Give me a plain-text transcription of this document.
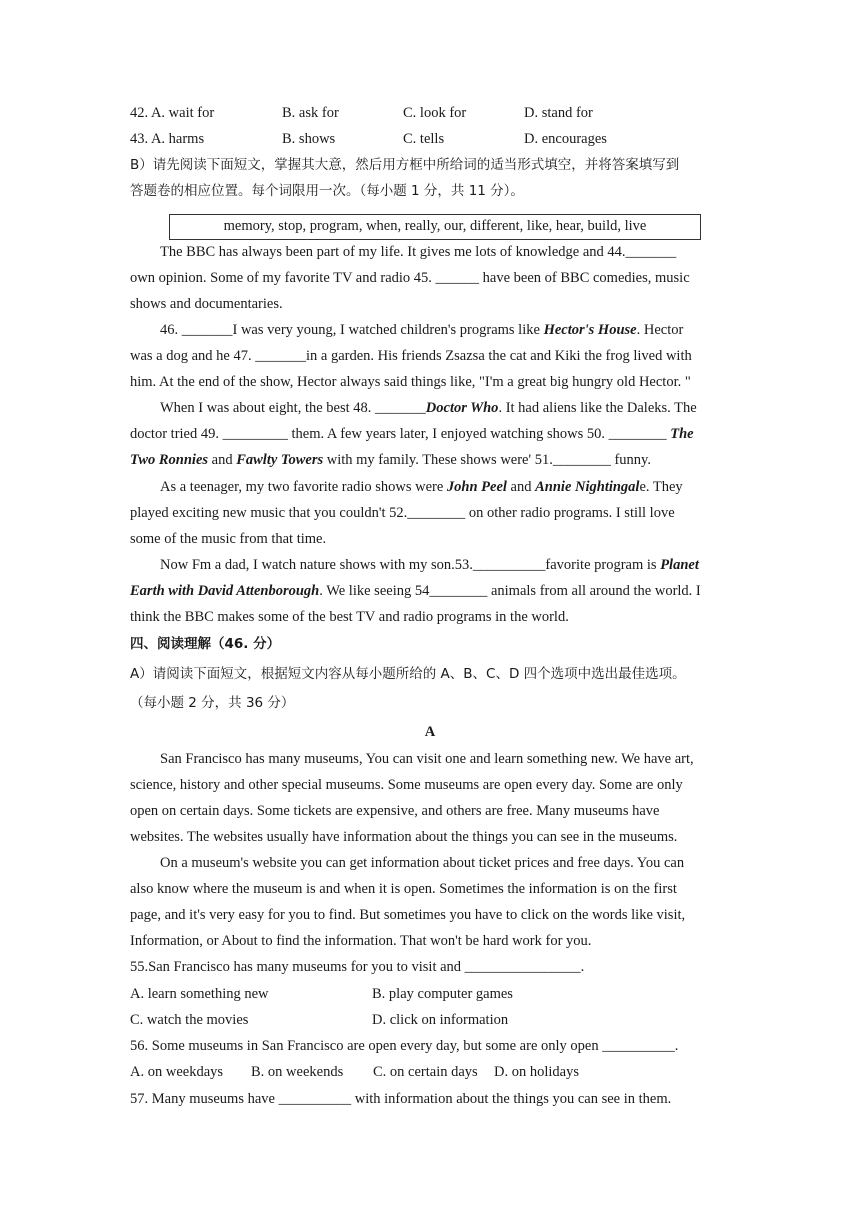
42. A. wait for	B. ask for	C. look for	D. stand for
43. A. harms	B. shows	C. tells	D. encourages
B）请先阅读下面短文，掌握其大意，然后用方框中所给词的适当形式填空，并将答案填写到
答题卷的相应位置。每个词限用一次。（每小题 1 分，共 11 分）。
memory, stop, program, when, really, our, different, like, hear, build, live
The BBC has always been part of my life. It gives me lots of knowledge and 44._______
own opinion. Some of my favorite TV and radio 45. ______ have been of BBC comedies, music
shows and documentaries.
46. _______I was very young, I watched children's programs like Hector's House. Hector
was a dog and he 47. _______in a garden. His friends Zsazsa the cat and Kiki the frog lived with
him. At the end of the show, Hector always said things like, "I'm a great big hungry old Hector. "
When I was about eight, the best 48. _______Doctor Who. It had aliens like the Daleks. The
doctor tried 49. _________ them. A few years later, I enjoyed watching shows 50. ________ The
Two Ronnies and Fawlty Towers with my family. These shows were' 51.________ funny.
As a teenager, my two favorite radio shows were John Peel and Annie Nightingale. They
played exciting new music that you couldn't 52.________ on other radio programs. I still love
some of the music from that time.
Now Fm a dad, I watch nature shows with my son.53.__________favorite program is Planet
Earth with David Attenborough. We like seeing 54________ animals from all around the world. I
think the BBC makes some of the best TV and radio programs in the world.
四、阅读理解（46. 分）
A）请阅读下面短文，根据短文内容从每小题所给的 A、B、C、D 四个选项中选出最佳选项。
（每小题 2 分，共 36 分）
A
San Francisco has many museums, You can visit one and learn something new. We have art,
science, history and other special museums. Some museums are open every day. Some are only
open on certain days. Some tickets are expensive, and others are free. Many museums have
websites. The websites usually have information about the things you can see in the museums.
On a museum's website you can get information about ticket prices and free days. You can
also know where the museum is and when it is open. Sometimes the information is on the first
page, and it's very easy for you to find. But sometimes you have to click on the words like visit,
Information, or About to find the information. That won't be hard work for you.
55.San Francisco has many museums for you to visit and ________________.
A. learn something new	B. play computer games
C. watch the movies	D. click on information
56. Some museums in San Francisco are open every day, but some are only open __________.
A. on weekdays B. on weekends C. on certain days D. on holidays
57. Many museums have __________ with information about the things you can see in them.
